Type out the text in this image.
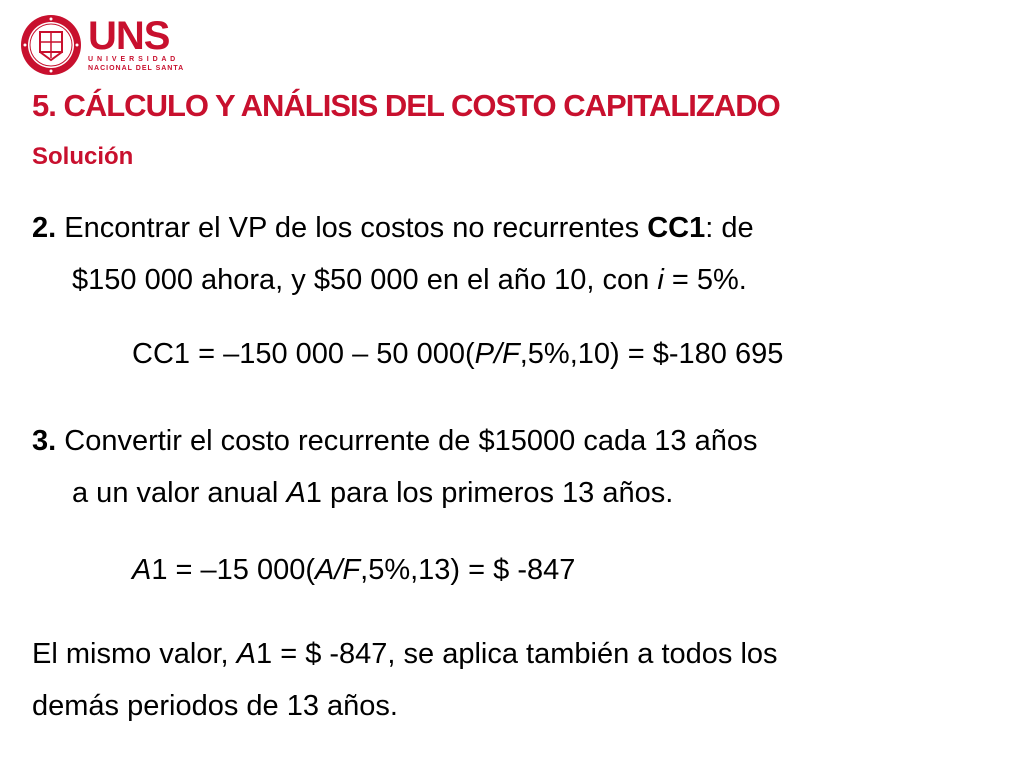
UNS
U N I V E R S I D A D
NACIONAL DEL SANTA
5. CÁLCULO Y ANÁLISIS DEL COSTO CAPITALIZADO
Solución
2. Encontrar el VP de los costos no recurrentes CC1: de
$150 000 ahora, y $50 000 en el año 10, con i = 5%.
CC1 = –150 000 – 50 000(P/F,5%,10) = $-180 695
3. Convertir el costo recurrente de $15000 cada 13 años
a un valor anual A1 para los primeros 13 años.
A1 = –15 000(A/F,5%,13) = $ -847
El mismo valor, A1 = $ -847, se aplica también a todos los
demás periodos de 13 años.
